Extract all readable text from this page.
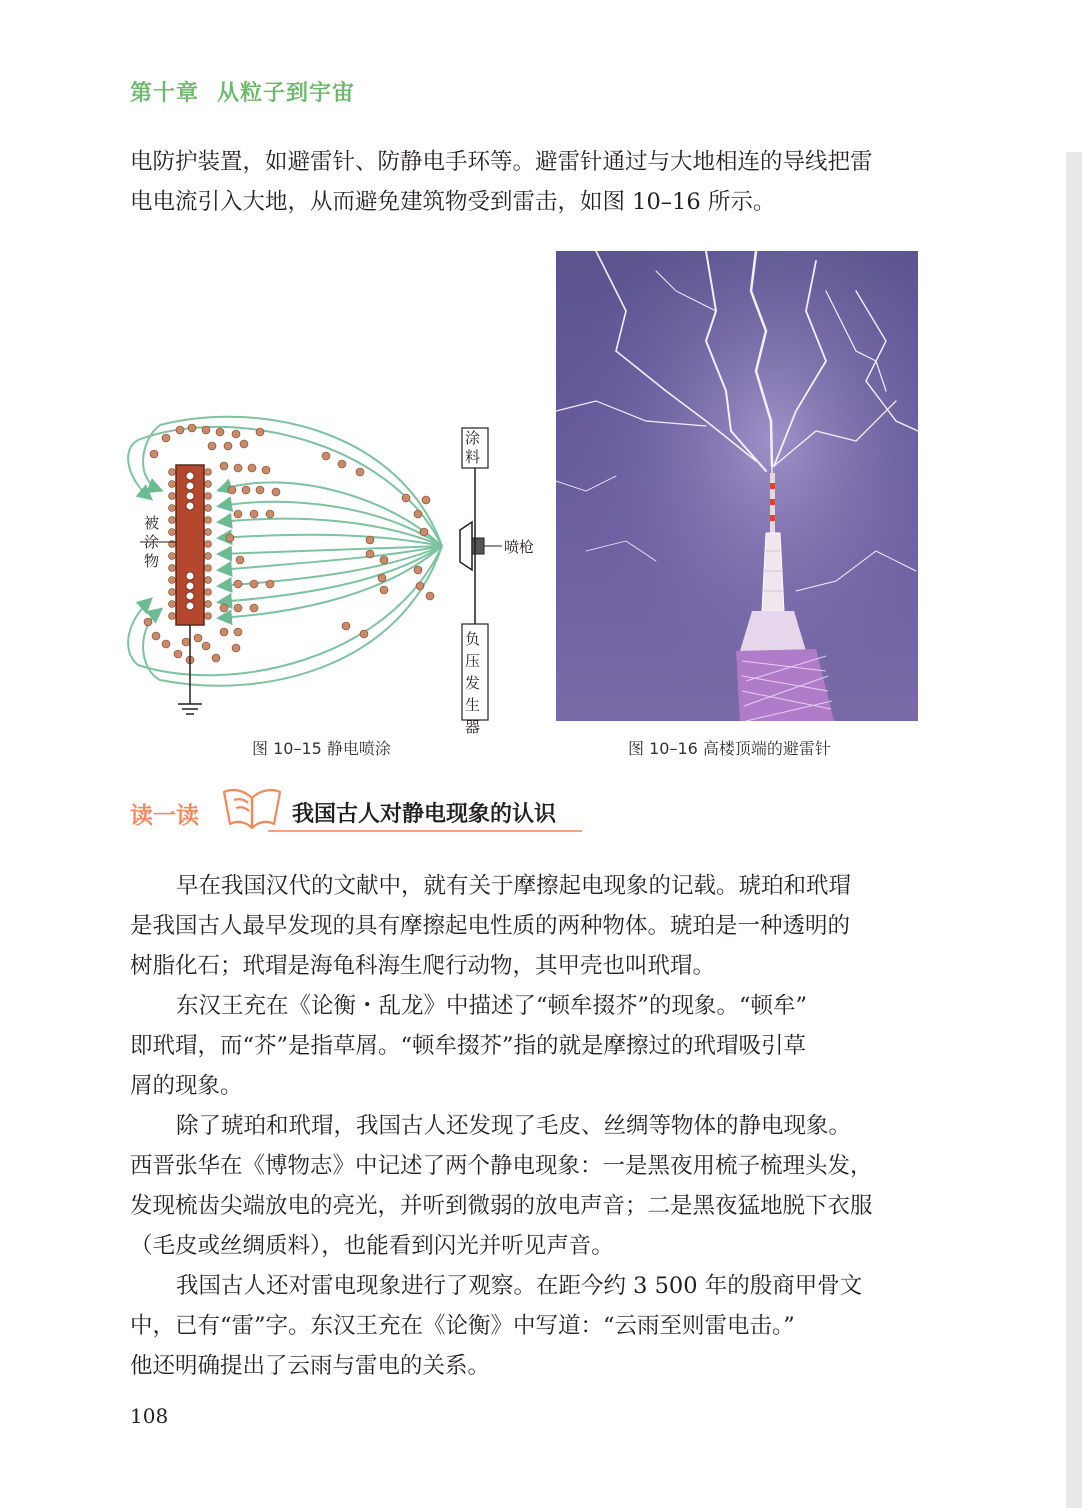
第十章 从粒子到宇宙

电防护装置，如避雷针、防静电手环等。避雷针通过与大地相连的导线把雷
电电流引入大地，从而避免建筑物受到雷击，如图 10–16 所示。

喷枪
被涂物
涂料
负压发生器
图 10–15 静电喷涂	图 10–16 高楼顶端的避雷针
读一读	我国古人对静电现象的认识

早在我国汉代的文献中，就有关于摩擦起电现象的记载。琥珀和玳瑁
是我国古人最早发现的具有摩擦起电性质的两种物体。琥珀是一种透明的
树脂化石；玳瑁是海龟科海生爬行动物，其甲壳也叫玳瑁。

东汉王充在《论衡・乱龙》中描述了“顿牟掇芥”的现象。“顿牟”
即玳瑁，而“芥”是指草屑。“顿牟掇芥”指的就是摩擦过的玳瑁吸引草
屑的现象。

除了琥珀和玳瑁，我国古人还发现了毛皮、丝绸等物体的静电现象。
西晋张华在《博物志》中记述了两个静电现象：一是黑夜用梳子梳理头发，
发现梳齿尖端放电的亮光，并听到微弱的放电声音；二是黑夜猛地脱下衣服
（毛皮或丝绸质料），也能看到闪光并听见声音。

我国古人还对雷电现象进行了观察。在距今约 3 500 年的殷商甲骨文
中，已有“雷”字。东汉王充在《论衡》中写道：“云雨至则雷电击。”
他还明确提出了云雨与雷电的关系。

108
